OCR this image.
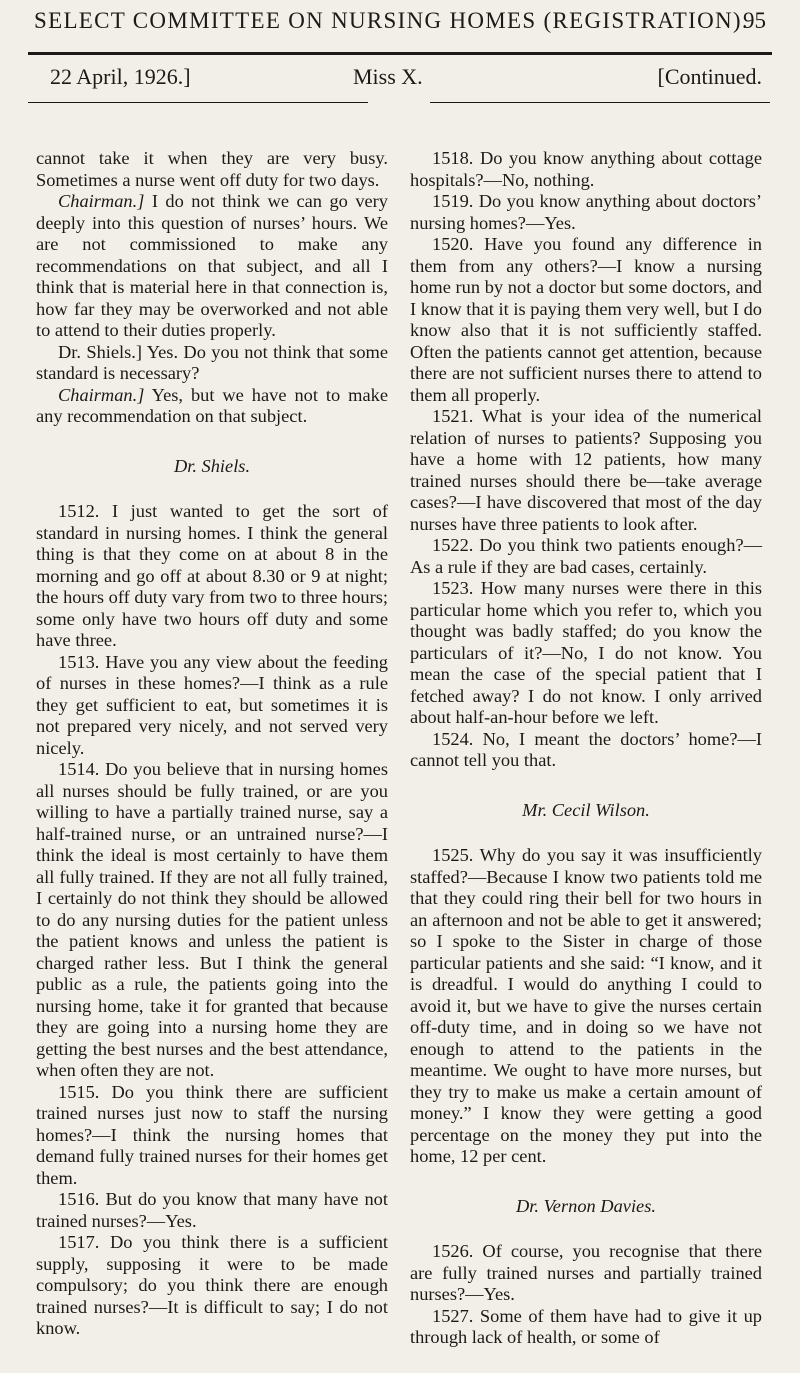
SELECT COMMITTEE ON NURSING HOMES (REGISTRATION).
95
22 April, 1926.]	Miss X.	[Continued.

cannot take it when they are very busy. Sometimes a nurse went off duty for two days.

Chairman.] I do not think we can go very deeply into this question of nurses’ hours. We are not commissioned to make any recommendations on that subject, and all I think that is material here in that connection is, how far they may be overworked and not able to attend to their duties properly.

Dr. Shiels.] Yes. Do you not think that some standard is necessary?

Chairman.] Yes, but we have not to make any recommendation on that subject.

Dr. Shiels.

1512. I just wanted to get the sort of standard in nursing homes. I think the general thing is that they come on at about 8 in the morning and go off at about 8.30 or 9 at night; the hours off duty vary from two to three hours; some only have two hours off duty and some have three.

1513. Have you any view about the feeding of nurses in these homes?—I think as a rule they get sufficient to eat, but sometimes it is not prepared very nicely, and not served very nicely.

1514. Do you believe that in nursing homes all nurses should be fully trained, or are you willing to have a partially trained nurse, say a half-trained nurse, or an untrained nurse?—I think the ideal is most certainly to have them all fully trained. If they are not all fully trained, I certainly do not think they should be allowed to do any nursing duties for the patient unless the patient knows and unless the patient is charged rather less. But I think the general public as a rule, the patients going into the nursing home, take it for granted that because they are going into a nursing home they are getting the best nurses and the best attendance, when often they are not.

1515. Do you think there are sufficient trained nurses just now to staff the nursing homes?—I think the nursing homes that demand fully trained nurses for their homes get them.

1516. But do you know that many have not trained nurses?—Yes.

1517. Do you think there is a sufficient supply, supposing it were to be made compulsory; do you think there are enough trained nurses?—It is difficult to say; I do not know.

1518. Do you know anything about cottage hospitals?—No, nothing.

1519. Do you know anything about doctors’ nursing homes?—Yes.

1520. Have you found any difference in them from any others?—I know a nursing home run by not a doctor but some doctors, and I know that it is paying them very well, but I do know also that it is not sufficiently staffed. Often the patients cannot get attention, because there are not sufficient nurses there to attend to them all properly.

1521. What is your idea of the numerical relation of nurses to patients? Supposing you have a home with 12 patients, how many trained nurses should there be—take average cases?—I have discovered that most of the day nurses have three patients to look after.

1522. Do you think two patients enough?—As a rule if they are bad cases, certainly.

1523. How many nurses were there in this particular home which you refer to, which you thought was badly staffed; do you know the particulars of it?—No, I do not know. You mean the case of the special patient that I fetched away? I do not know. I only arrived about half-an-hour before we left.

1524. No, I meant the doctors’ home?—I cannot tell you that.

Mr. Cecil Wilson.

1525. Why do you say it was insufficiently staffed?—Because I know two patients told me that they could ring their bell for two hours in an afternoon and not be able to get it answered; so I spoke to the Sister in charge of those particular patients and she said: “I know, and it is dreadful. I would do anything I could to avoid it, but we have to give the nurses certain off-duty time, and in doing so we have not enough to attend to the patients in the meantime. We ought to have more nurses, but they try to make us make a certain amount of money.” I know they were getting a good percentage on the money they put into the home, 12 per cent.

Dr. Vernon Davies.

1526. Of course, you recognise that there are fully trained nurses and partially trained nurses?—Yes.

1527. Some of them have had to give it up through lack of health, or some of
